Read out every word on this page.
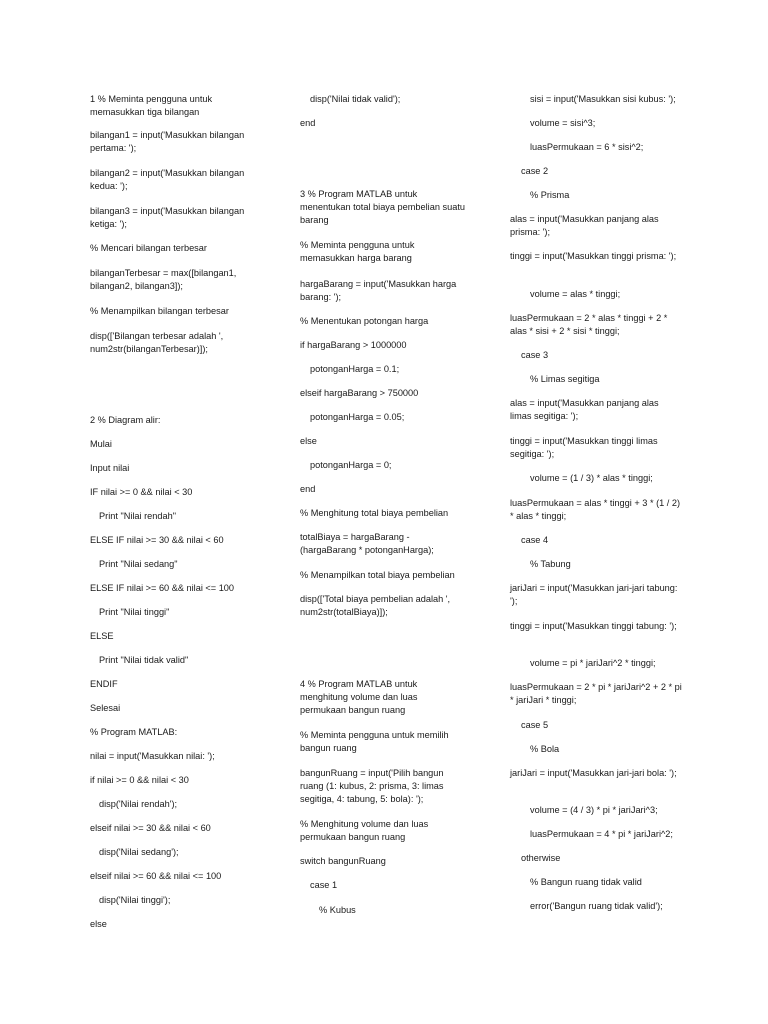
1 % Meminta pengguna untuk memasukkan tiga bilangan

bilangan1 = input('Masukkan bilangan pertama: ');

bilangan2 = input('Masukkan bilangan kedua: ');

bilangan3 = input('Masukkan bilangan ketiga: ');

% Mencari bilangan terbesar

bilanganTerbesar = max([bilangan1, bilangan2, bilangan3]);

% Menampilkan bilangan terbesar

disp(['Bilangan terbesar adalah ', num2str(bilanganTerbesar)]);

2 % Diagram alir:

Mulai

Input nilai

IF nilai >= 0 && nilai < 30

Print "Nilai rendah"

ELSE IF nilai >= 30 && nilai < 60

Print "Nilai sedang"

ELSE IF nilai >= 60 && nilai <= 100

Print "Nilai tinggi"

ELSE

Print "Nilai tidak valid"

ENDIF

Selesai

% Program MATLAB:

nilai = input('Masukkan nilai: ');

if nilai >= 0 && nilai < 30

disp('Nilai rendah');

elseif nilai >= 30 && nilai < 60

disp('Nilai sedang');

elseif nilai >= 60 && nilai <= 100

disp('Nilai tinggi');

else

disp('Nilai tidak valid');

end

3 % Program MATLAB untuk menentukan total biaya pembelian suatu barang

% Meminta pengguna untuk memasukkan harga barang

hargaBarang = input('Masukkan harga barang: ');

% Menentukan potongan harga

if hargaBarang > 1000000

potonganHarga = 0.1;

elseif hargaBarang > 750000

potonganHarga = 0.05;

else

potonganHarga = 0;

end

% Menghitung total biaya pembelian

totalBiaya = hargaBarang - (hargaBarang * potonganHarga);

% Menampilkan total biaya pembelian

disp(['Total biaya pembelian adalah ', num2str(totalBiaya)]);

4 % Program MATLAB untuk menghitung volume dan luas permukaan bangun ruang

% Meminta pengguna untuk memilih bangun ruang

bangunRuang = input('Pilih bangun ruang (1: kubus, 2: prisma, 3: limas segitiga, 4: tabung, 5: bola): ');

% Menghitung volume dan luas permukaan bangun ruang

switch bangunRuang

case 1

% Kubus

sisi = input('Masukkan sisi kubus: ');

volume = sisi^3;

luasPermukaan = 6 * sisi^2;

case 2

% Prisma

alas = input('Masukkan panjang alas prisma: ');

tinggi = input('Masukkan tinggi prisma: ');

volume = alas * tinggi;

luasPermukaan = 2 * alas * tinggi + 2 * alas * sisi + 2 * sisi * tinggi;

case 3

% Limas segitiga

alas = input('Masukkan panjang alas limas segitiga: ');

tinggi = input('Masukkan tinggi limas segitiga: ');

volume = (1 / 3) * alas * tinggi;

luasPermukaan = alas * tinggi + 3 * (1 / 2) * alas * tinggi;

case 4

% Tabung

jariJari = input('Masukkan jari-jari tabung: ');

tinggi = input('Masukkan tinggi tabung: ');

volume = pi * jariJari^2 * tinggi;

luasPermukaan = 2 * pi * jariJari^2 + 2 * pi * jariJari * tinggi;

case 5

% Bola

jariJari = input('Masukkan jari-jari bola: ');

volume = (4 / 3) * pi * jariJari^3;

luasPermukaan = 4 * pi * jariJari^2;

otherwise

% Bangun ruang tidak valid

error('Bangun ruang tidak valid');
